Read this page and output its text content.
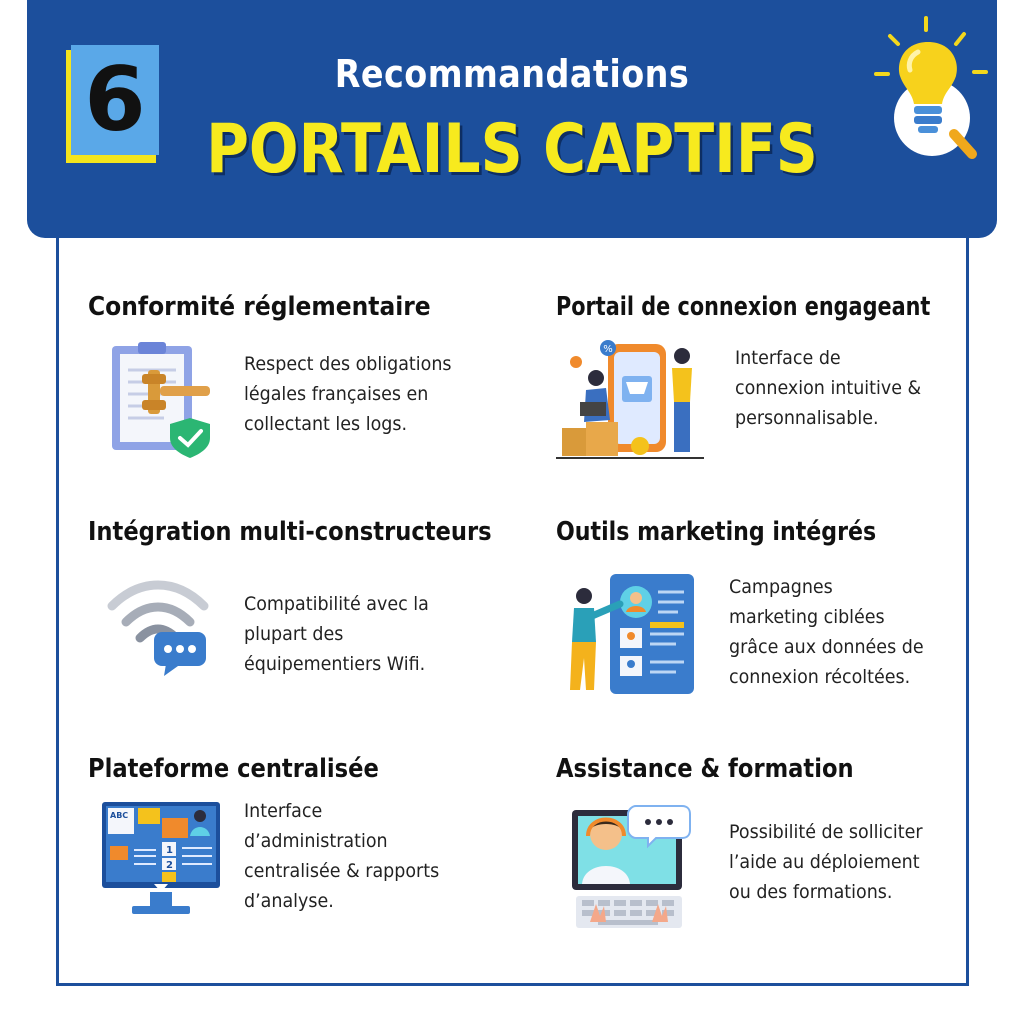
6	Recommandations
PORTAILS CAPTIFS
Conformité réglementaire
Respect des obligations
légales françaises en
collectant les logs.
Portail de connexion engageant
%	Interface de
connexion intuitive &
personnalisable.
Intégration multi-constructeurs
Compatibilité avec la
plupart des
équipementiers Wifi.
Outils marketing intégrés
Campagnes
marketing ciblées
grâce aux données de
connexion récoltées.
Plateforme centralisée
ABC
1
2
Interface
d’administration
centralisée & rapports
d’analyse.
Assistance & formation
Possibilité de solliciter
l’aide au déploiement
ou des formations.
